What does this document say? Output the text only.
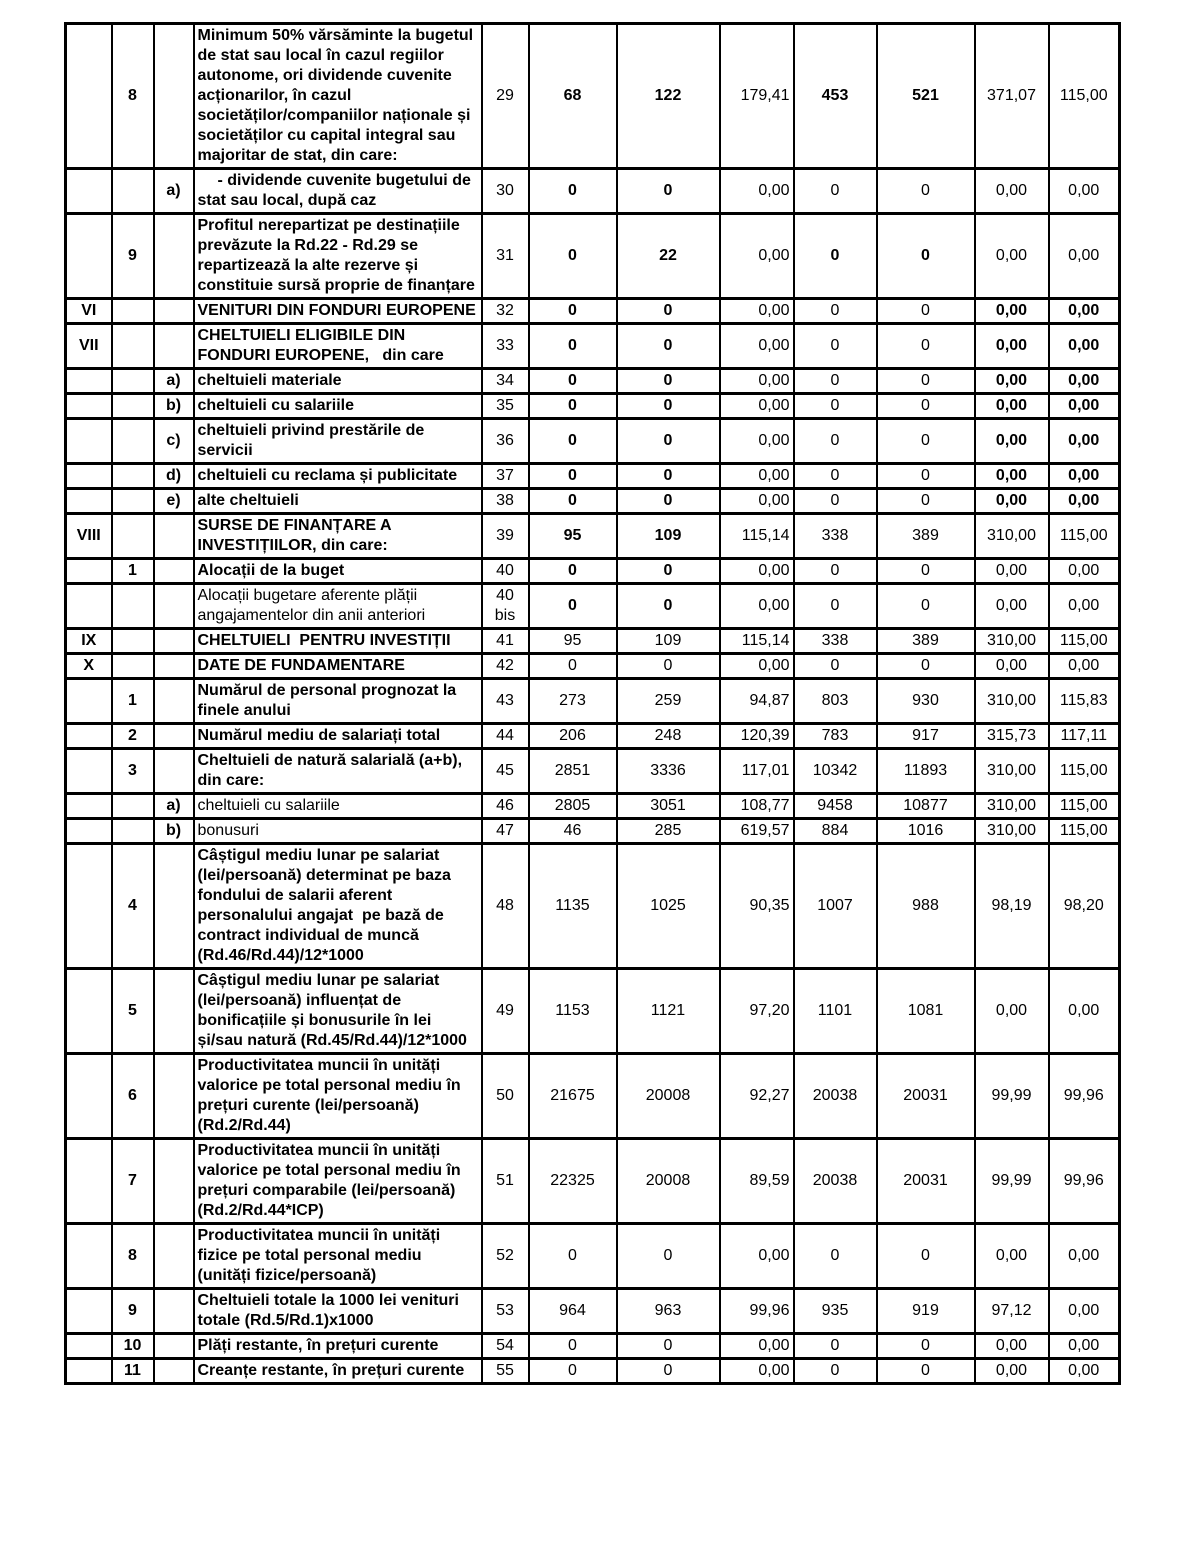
	8		Minimum 50% vărsăminte la bugetul de stat sau local în cazul regiilor autonome, ori dividende cuvenite acționarilor, în cazul societăților/companiilor naționale și societăților cu capital integral sau majoritar de stat, din care:	29	68	122	179,41	453	521	371,07	115,00
		a)	- dividende cuvenite bugetului de stat sau local, după caz	30	0	0	0,00	0	0	0,00	0,00
	9		Profitul nerepartizat pe destinațiile prevăzute la Rd.22 - Rd.29 se repartizează la alte rezerve și constituie sursă proprie de finanțare	31	0	22	0,00	0	0	0,00	0,00
VI			VENITURI DIN FONDURI EUROPENE	32	0	0	0,00	0	0	0,00	0,00
VII			CHELTUIELI ELIGIBILE DIN FONDURI EUROPENE,   din care	33	0	0	0,00	0	0	0,00	0,00
		a)	cheltuieli materiale	34	0	0	0,00	0	0	0,00	0,00
		b)	cheltuieli cu salariile	35	0	0	0,00	0	0	0,00	0,00
		c)	cheltuieli privind prestările de servicii	36	0	0	0,00	0	0	0,00	0,00
		d)	cheltuieli cu reclama și publicitate	37	0	0	0,00	0	0	0,00	0,00
		e)	alte cheltuieli	38	0	0	0,00	0	0	0,00	0,00
VIII			SURSE DE FINANȚARE A INVESTIȚIILOR, din care:	39	95	109	115,14	338	389	310,00	115,00
	1		Alocații de la buget	40	0	0	0,00	0	0	0,00	0,00
			Alocații bugetare aferente plății angajamentelor din anii anteriori	40 bis	0	0	0,00	0	0	0,00	0,00
IX			CHELTUIELI  PENTRU INVESTIȚII	41	95	109	115,14	338	389	310,00	115,00
X			DATE DE FUNDAMENTARE	42	0	0	0,00	0	0	0,00	0,00
	1		Numărul de personal prognozat la finele anului	43	273	259	94,87	803	930	310,00	115,83
	2		Numărul mediu de salariați total	44	206	248	120,39	783	917	315,73	117,11
	3		Cheltuieli de natură salarială (a+b), din care:	45	2851	3336	117,01	10342	11893	310,00	115,00
		a)	cheltuieli cu salariile	46	2805	3051	108,77	9458	10877	310,00	115,00
		b)	bonusuri	47	46	285	619,57	884	1016	310,00	115,00
	4		Câștigul mediu lunar pe salariat (lei/persoană) determinat pe baza fondului de salarii aferent personalului angajat  pe bază de contract individual de muncă (Rd.46/Rd.44)/12*1000	48	1135	1025	90,35	1007	988	98,19	98,20
	5		Câștigul mediu lunar pe salariat (lei/persoană) influențat de bonificațiile și bonusurile în lei și/sau natură (Rd.45/Rd.44)/12*1000	49	1153	1121	97,20	1101	1081	0,00	0,00
	6		Productivitatea muncii în unități valorice pe total personal mediu în prețuri curente (lei/persoană) (Rd.2/Rd.44)	50	21675	20008	92,27	20038	20031	99,99	99,96
	7		Productivitatea muncii în unități valorice pe total personal mediu în prețuri comparabile (lei/persoană) (Rd.2/Rd.44*ICP)	51	22325	20008	89,59	20038	20031	99,99	99,96
	8		Productivitatea muncii în unități fizice pe total personal mediu (unități fizice/persoană)	52	0	0	0,00	0	0	0,00	0,00
	9		Cheltuieli totale la 1000 lei venituri totale (Rd.5/Rd.1)x1000	53	964	963	99,96	935	919	97,12	0,00
	10		Plăți restante, în prețuri curente	54	0	0	0,00	0	0	0,00	0,00
	11		Creanțe restante, în prețuri curente	55	0	0	0,00	0	0	0,00	0,00
